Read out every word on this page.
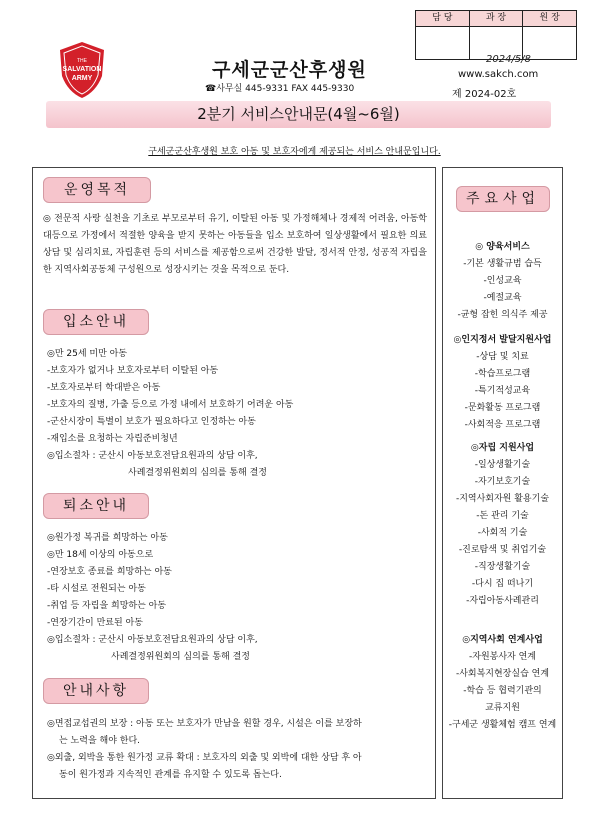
THE
SALVATION
ARMY	구세군군산후생원
☎사무실 445-9331 FAX 445-9330
담 당	과 장	원 장
2024/5/8
www.sakch.com
제 2024-02호
2분기 서비스안내문(4월~6월)
구세군군산후생원 보호 아동 및 보호자에게 제공되는 서비스 안내문입니다.
운영목적
◎ 전문적 사랑 실천을 기초로 부모로부터 유기, 이탈된 아동 및 가정해체나 경제적 어려움, 아동학대등으로 가정에서 적절한 양육을 받지 못하는 아동들을 입소 보호하여 일상생활에서 필요한 의료 상담 및 심리치료, 자립훈련 등의 서비스를 제공함으로써 건강한 발달, 정서적 안정, 성공적 자립을 한 지역사회공동체 구성원으로 성장시키는 것을 목적으로 둔다.
입소안내

◎만 25세 미만 아동

-보호자가 없거나 보호자로부터 이탈된 아동

-보호자로부터 학대받은 아동

-보호자의 질병, 가출 등으로 가정 내에서 보호하기 어려운 아동

-군산시장이 특별이 보호가 필요하다고 인정하는 아동

-재입소를 요청하는 자립준비청년

◎입소절차 : 군산시 아동보호전담요원과의 상담 이후,

사례결정위원회의 심의를 통해 결정

퇴소안내

◎원가정 복귀를 희망하는 아동

◎만 18세 이상의 아동으로

-연장보호 종료를 희망하는 아동

-타 시설로 전원되는 아동

-취업 등 자립을 희망하는 아동

-연장기간이 만료된 아동

◎입소절차 : 군산시 아동보호전담요원과의 상담 이후,

사례결정위원회의 심의를 통해 결정

안내사항

◎면접교섭권의 보장 : 아동 또는 보호자가 만남을 원할 경우, 시설은 이를 보장하

는 노력을 해야 한다.

◎외출, 외박을 통한 원가정 교류 확대 : 보호자의 외출 및 외박에 대한 상담 후 아

동이 원가정과 지속적인 관계를 유지할 수 있도록 돕는다.

주요사업
◎ 양육서비스
-기본 생활규범 습득
-인성교육
-예절교육
-균형 잡힌 의식주 제공
◎인지정서 발달지원사업
-상담 및 치료
-학습프로그램
-특기적성교육
-문화활동 프로그램
-사회적응 프로그램
◎자립 지원사업
-일상생활기술
-자기보호기술
-지역사회자원 활용기술
-돈 관리 기술
-사회적 기술
-진로탐색 및 취업기술
-직장생활기술
-다시 집 떠나기
-자립아동사례관리
◎지역사회 연계사업
-자원봉사자 연계
-사회복지현장실습 연계
-학습 등 협력기관의
교류지원
-구세군 생활체험 캠프 연계
